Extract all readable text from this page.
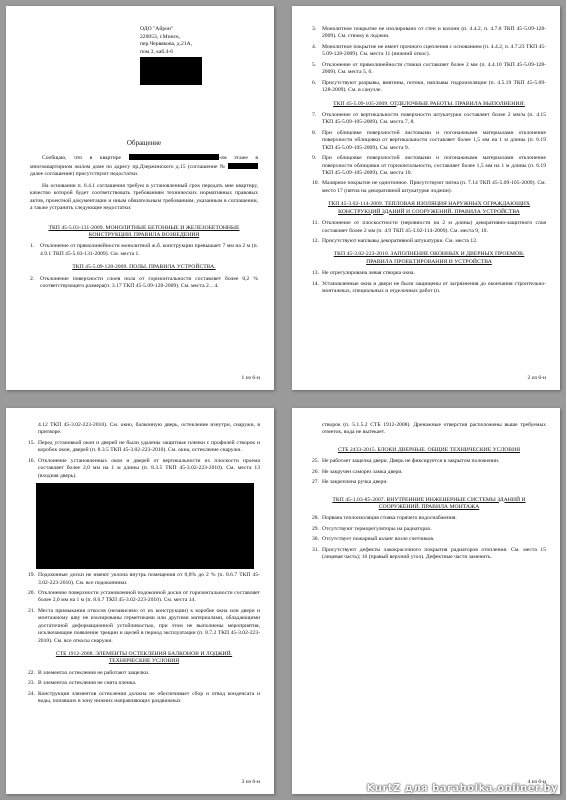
ОДО "Айрон"
220053, г.Минск,
пер.Червякова, д.21А,
пом.3, каб.4-6
Обращение

Сообщаю, что в квартире	-ом этаже в многоквартирном жилом доме по адресу пр.Дзержинского д.15 (соглашение №  далее соглашение) присутствуют недостатки.

На основании п. 6.4.1 соглашения требую в установленный срок передать мне квартиру, качество которой будет соответствовать требованиям технических нормативных правовых актов, проектной документации и иным обязательным требованиям, указанным в соглашении, а также устранить следующие недостатки:

ТКП 45-5.03-131-2009. МОНОЛИТНЫЕ БЕТОННЫЕ И ЖЕЛЕЗОБЕТОННЫЕ КОНСТРУКЦИИ. ПРАВИЛА ВОЗВЕДЕНИЯ
1.	Отклонение от прямолинейности монолитной ж.б. конструкции превышает 7 мм на 2 м (п. 4.9.1 ТКП 45-5.03-131-2009). См. места 1.
ТКП 45-5.09-128-2009. ПОЛЫ. ПРАВИЛА УСТРОЙСТВА.
2.	Отклонение поверхности слоев пола от горизонтальности составляет более 0,2 % соответствующего размера(п. 3.17 ТКП 45-5.09-128-2009). См. места 2... 4.
1 из 6-и
3.	Монолитное покрытие не изолировано от стен и колонн (п. 4.4.2, п. 4.7.8 ТКП 45-5.09-128-2009). См. стяжку в лоджии.
4.	Монолитное покрытие не имеет прочного сцепления с основанием (п. 4.4.2, п. 4.7.23 ТКП 45-5.09-128-2009). См. места 11 (нижний откос).
5.	Отклонение от прямолинейности стяжки составляет более 2 мм (п. 4.4.10 ТКП 45-5.09-128-2009). См. места 5, 6.
6.	Присутствуют разрывы, вмятины, потеки, наплывы гидроизоляции (п. 4.5.19 ТКП 45-5.09-128-2009). См. в санузле.
ТКП 45-5.09-105-2009. ОТДЕЛОЧНЫЕ РАБОТЫ. ПРАВИЛА ВЫПОЛНЕНИЯ:
7.	Отклонение от вертикальности поверхности штукатурки составляет более 2 мм/м (п. 4.15 ТКП 45-5.09-105-2009). См. места 7, 8.
8.	При облицовке поверхностей листовыми и погонажными материалами отклонение поверхности облицовки от вертикальности составляет более 1,5 мм на 1 м длины (п. 6.19 ТКП 45-5.09-105-2009). См. места 9.
9.	При облицовке поверхностей листовыми и погонажными материалами отклонение поверхности облицовки от горизонтальности, составляет более 1,5 мм на 1 м длины (п. 6.19 ТКП 45-5.09-105-2009). См. места 10.
10. Малярное покрытие не однотонное. Присутствуют пятна (п. 7.14 ТКП 45-5.09-105-2009). См. место 17 (пятна на декоративной штукатурке лоджии).
ТКП 45-3.02-114-2009. ТЕПЛОВАЯ ИЗОЛЯЦИЯ НАРУЖНЫХ ОГРАЖДАЮЩИХ КОНСТРУКЦИЙ ЗДАНИЙ И СООРУЖЕНИЙ. ПРАВИЛА УСТРОЙСТВА
11. Отклонение от плоскостности (неровности на 2 м длины) декоративно-защитного слоя составляет более 2 мм (п. 4.9 ТКП 45-3.02-114-2009). См. места 9, 10.
12. Присутствуют наплывы декоративной штукатурки. См. места 12.
ТКП 45-3.02-223-2010. ЗАПОЛНЕНИЕ ОКОННЫХ И ДВЕРНЫХ ПРОЕМОВ. ПРАВИЛА ПРОЕКТИРОВАНИЯ И УСТРОЙСТВА
13. Не отрегулирована левая створка окна.
14. Установленные окна и двери не были защищены от загрязнения до окончания строительно-монтажных, специальных и отделочных работ (п.
2 из 6-и
4.12 ТКП 45-3.02-223-2010). См. окно, балконную дверь, остекление изнутри, снаружи, в притворе.
15. Перед установкой окон и дверей не были удалены защитные пленки с профилей створок и коробок окон, дверей (п. 8.3.5 ТКП 45-3.02-223-2010). См. окна, остекление снаружи.
16. Отклонение установленных окон и дверей от вертикальности их плоскости проема составляет более 2,0 мм на 1 м длины (п. 8.3.5 ТКП 45-3.02-223-2010). См. места 13 (входная дверь).
19. Подоконные доски не имеют уклона внутрь помещения от 0,8% до 2 % (п. 8.6.7 ТКП 45-3.02-223-2010). См. все подоконники.
20. Отклонение поверхности установленной подоконной доски от горизонтальности составляет более 2,0 мм на 1 м (п. 8.6.7 ТКП 45-3.02-223-2010). См. места 14.
21. Места примыкания откосов (независимо от их конструкции) к коробке окна или двери и монтажному шву не изолированы герметиками или другими материалами, обладающими достаточной деформационной устойчивостью, при этом не выполнены мероприятия, исключающие появление трещин и щелей в период эксплуатации (п. 8.7.2 ТКП 45-3.02-223-2010). См. все откосы снаружи.
СТБ 1912-2008. ЭЛЕМЕНТЫ ОСТЕКЛЕНИЯ БАЛКОНОВ И ЛОДЖИЙ. ТЕХНИЧЕСКИЕ УСЛОВИЯ
22. В элементах остекления не работают защелки.
23. В элементах остекления не снята пленка.
24. Конструкция элементов остекления должна не обеспечивает сбор и отвод конденсата и воды, попавших в зону нижних направляющих раздвижных
3 из 6-и
створок (п. 5.1.5.2 СТБ 1912-2008). Дренажные отверстия расположены выше требуемых отметок, вода не вытекает.
СТБ 2433-2015. БЛОКИ ДВЕРНЫЕ. ОБЩИЕ ТЕХНИЧЕСКИЕ УСЛОВИЯ
25. Не работает защелка двери. Дверь не фиксируется в закрытом положении.
26. Не закручен саморез замка двери.
27. Не закреплена ручка двери.
ТКП 45-1.03-85-2007. ВНУТРЕННИЕ ИНЖЕНЕРНЫЕ СИСТЕМЫ ЗДАНИЙ И СООРУЖЕНИЙ. ПРАВИЛА МОНТАЖА
28. Порвана теплоизоляция стояка горячего водоснабжения.
29. Отсутствуют терморегуляторы на радиаторах.
30. Отсутствует пожарный шланг возле счетчиков.
31. Присутствуют дефекты лакокрасочного покрытия радиаторов отопления. См. места 15 (лицевая часть); 16 (правый верхний угол). Дефектные части заменить.
4 из 6-и
KurtZ для baraholka.onliner.by
